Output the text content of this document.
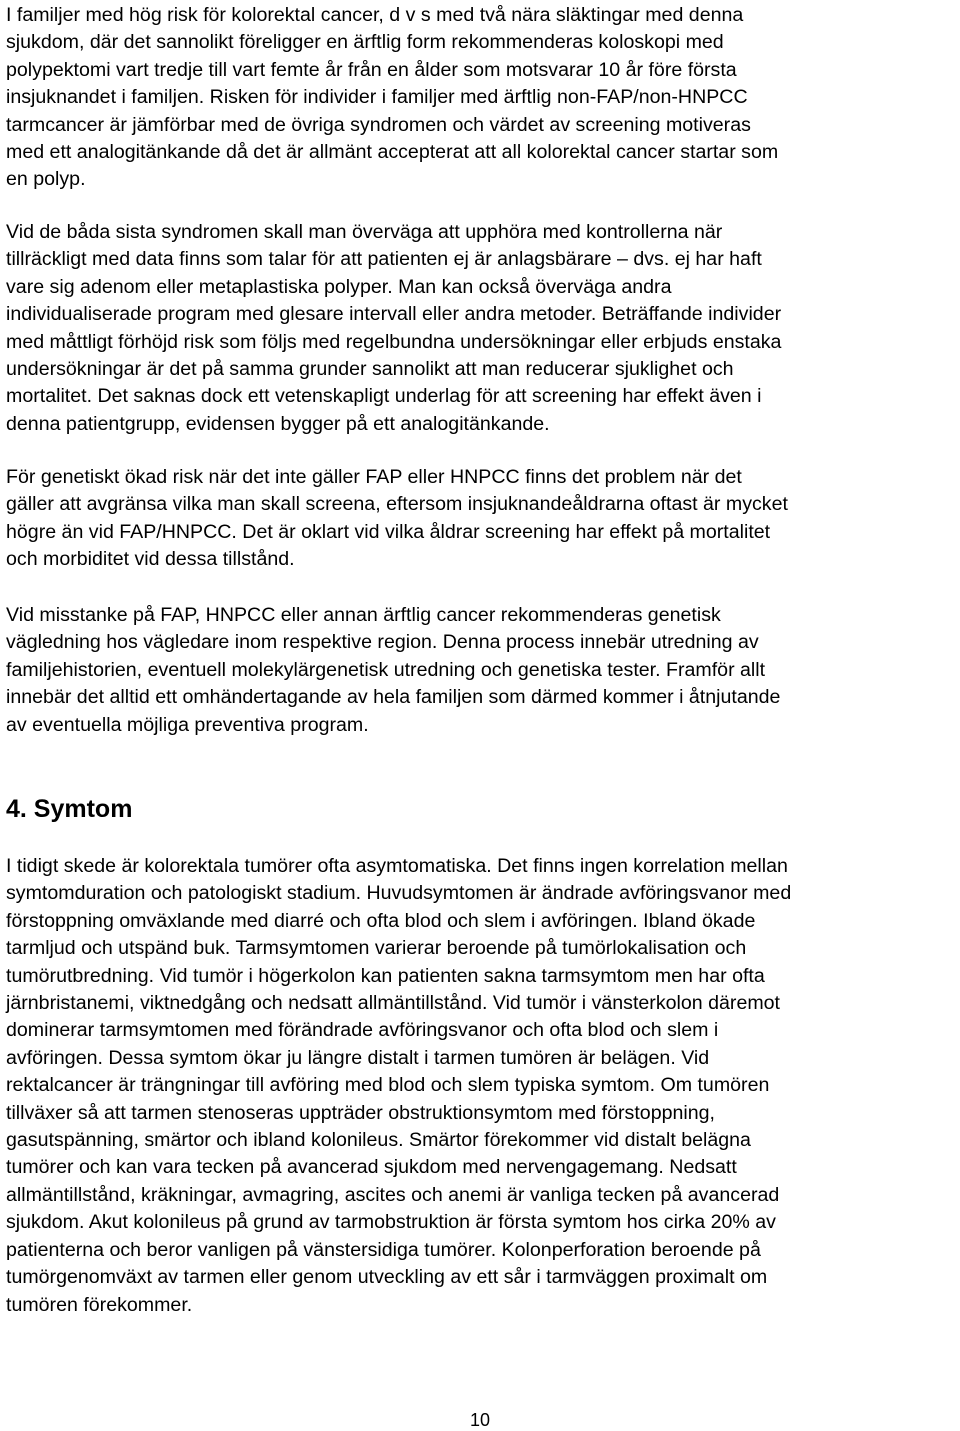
I familjer med hög risk för kolorektal cancer, d v s med två nära släktingar med denna
sjukdom, där det sannolikt föreligger en ärftlig form rekommenderas koloskopi med
polypektomi vart tredje till vart femte år från en ålder som motsvarar 10 år före första
insjuknandet i familjen. Risken för individer i familjer med ärftlig non-FAP/non-HNPCC
tarmcancer är jämförbar med de övriga syndromen och värdet av screening motiveras
med ett analogitänkande då det är allmänt accepterat att all kolorektal cancer startar som
en polyp.

Vid de båda sista syndromen skall man överväga att upphöra med kontrollerna när
tillräckligt med data finns som talar för att patienten ej är anlagsbärare – dvs. ej har haft
vare sig adenom eller metaplastiska polyper. Man kan också överväga andra
individualiserade program med glesare intervall eller andra metoder. Beträffande individer
med måttligt förhöjd risk som följs med regelbundna undersökningar eller erbjuds enstaka
undersökningar är det på samma grunder sannolikt att man reducerar sjuklighet och
mortalitet. Det saknas dock ett vetenskapligt underlag för att screening har effekt även i
denna patientgrupp, evidensen bygger på ett analogitänkande.

För genetiskt ökad risk när det inte gäller FAP eller HNPCC finns det problem när det
gäller att avgränsa vilka man skall screena, eftersom insjuknandeåldrarna oftast är mycket
högre än vid FAP/HNPCC. Det är oklart vid vilka åldrar screening har effekt på mortalitet
och morbiditet vid dessa tillstånd.

Vid misstanke på FAP, HNPCC eller annan ärftlig cancer rekommenderas genetisk
vägledning hos vägledare inom respektive region. Denna process innebär utredning av
familjehistorien, eventuell molekylärgenetisk utredning och genetiska tester. Framför allt
innebär det alltid ett omhändertagande av hela familjen som därmed kommer i åtnjutande
av eventuella möjliga preventiva program.

4. Symtom

I tidigt skede är kolorektala tumörer ofta asymtomatiska. Det finns ingen korrelation mellan
symtomduration och patologiskt stadium. Huvudsymtomen är ändrade avföringsvanor med
förstoppning omväxlande med diarré och ofta blod och slem i avföringen. Ibland ökade
tarmljud och utspänd buk. Tarmsymtomen varierar beroende på tumörlokalisation och
tumörutbredning. Vid tumör i högerkolon kan patienten sakna tarmsymtom men har ofta
järnbristanemi, viktnedgång och nedsatt allmäntillstånd. Vid tumör i vänsterkolon däremot
dominerar tarmsymtomen med förändrade avföringsvanor och ofta blod och slem i
avföringen. Dessa symtom ökar ju längre distalt i tarmen tumören är belägen. Vid
rektalcancer är trängningar till avföring med blod och slem typiska symtom. Om tumören
tillväxer så att tarmen stenoseras uppträder obstruktionsymtom med förstoppning,
gasutspänning, smärtor och ibland kolonileus. Smärtor förekommer vid distalt belägna
tumörer och kan vara tecken på avancerad sjukdom med nervengagemang. Nedsatt
allmäntillstånd, kräkningar, avmagring, ascites och anemi är vanliga tecken på avancerad
sjukdom. Akut kolonileus på grund av tarmobstruktion är första symtom hos cirka 20% av
patienterna och beror vanligen på vänstersidiga tumörer. Kolonperforation beroende på
tumörgenomväxt av tarmen eller genom utveckling av ett sår i tarmväggen proximalt om
tumören förekommer.

10
